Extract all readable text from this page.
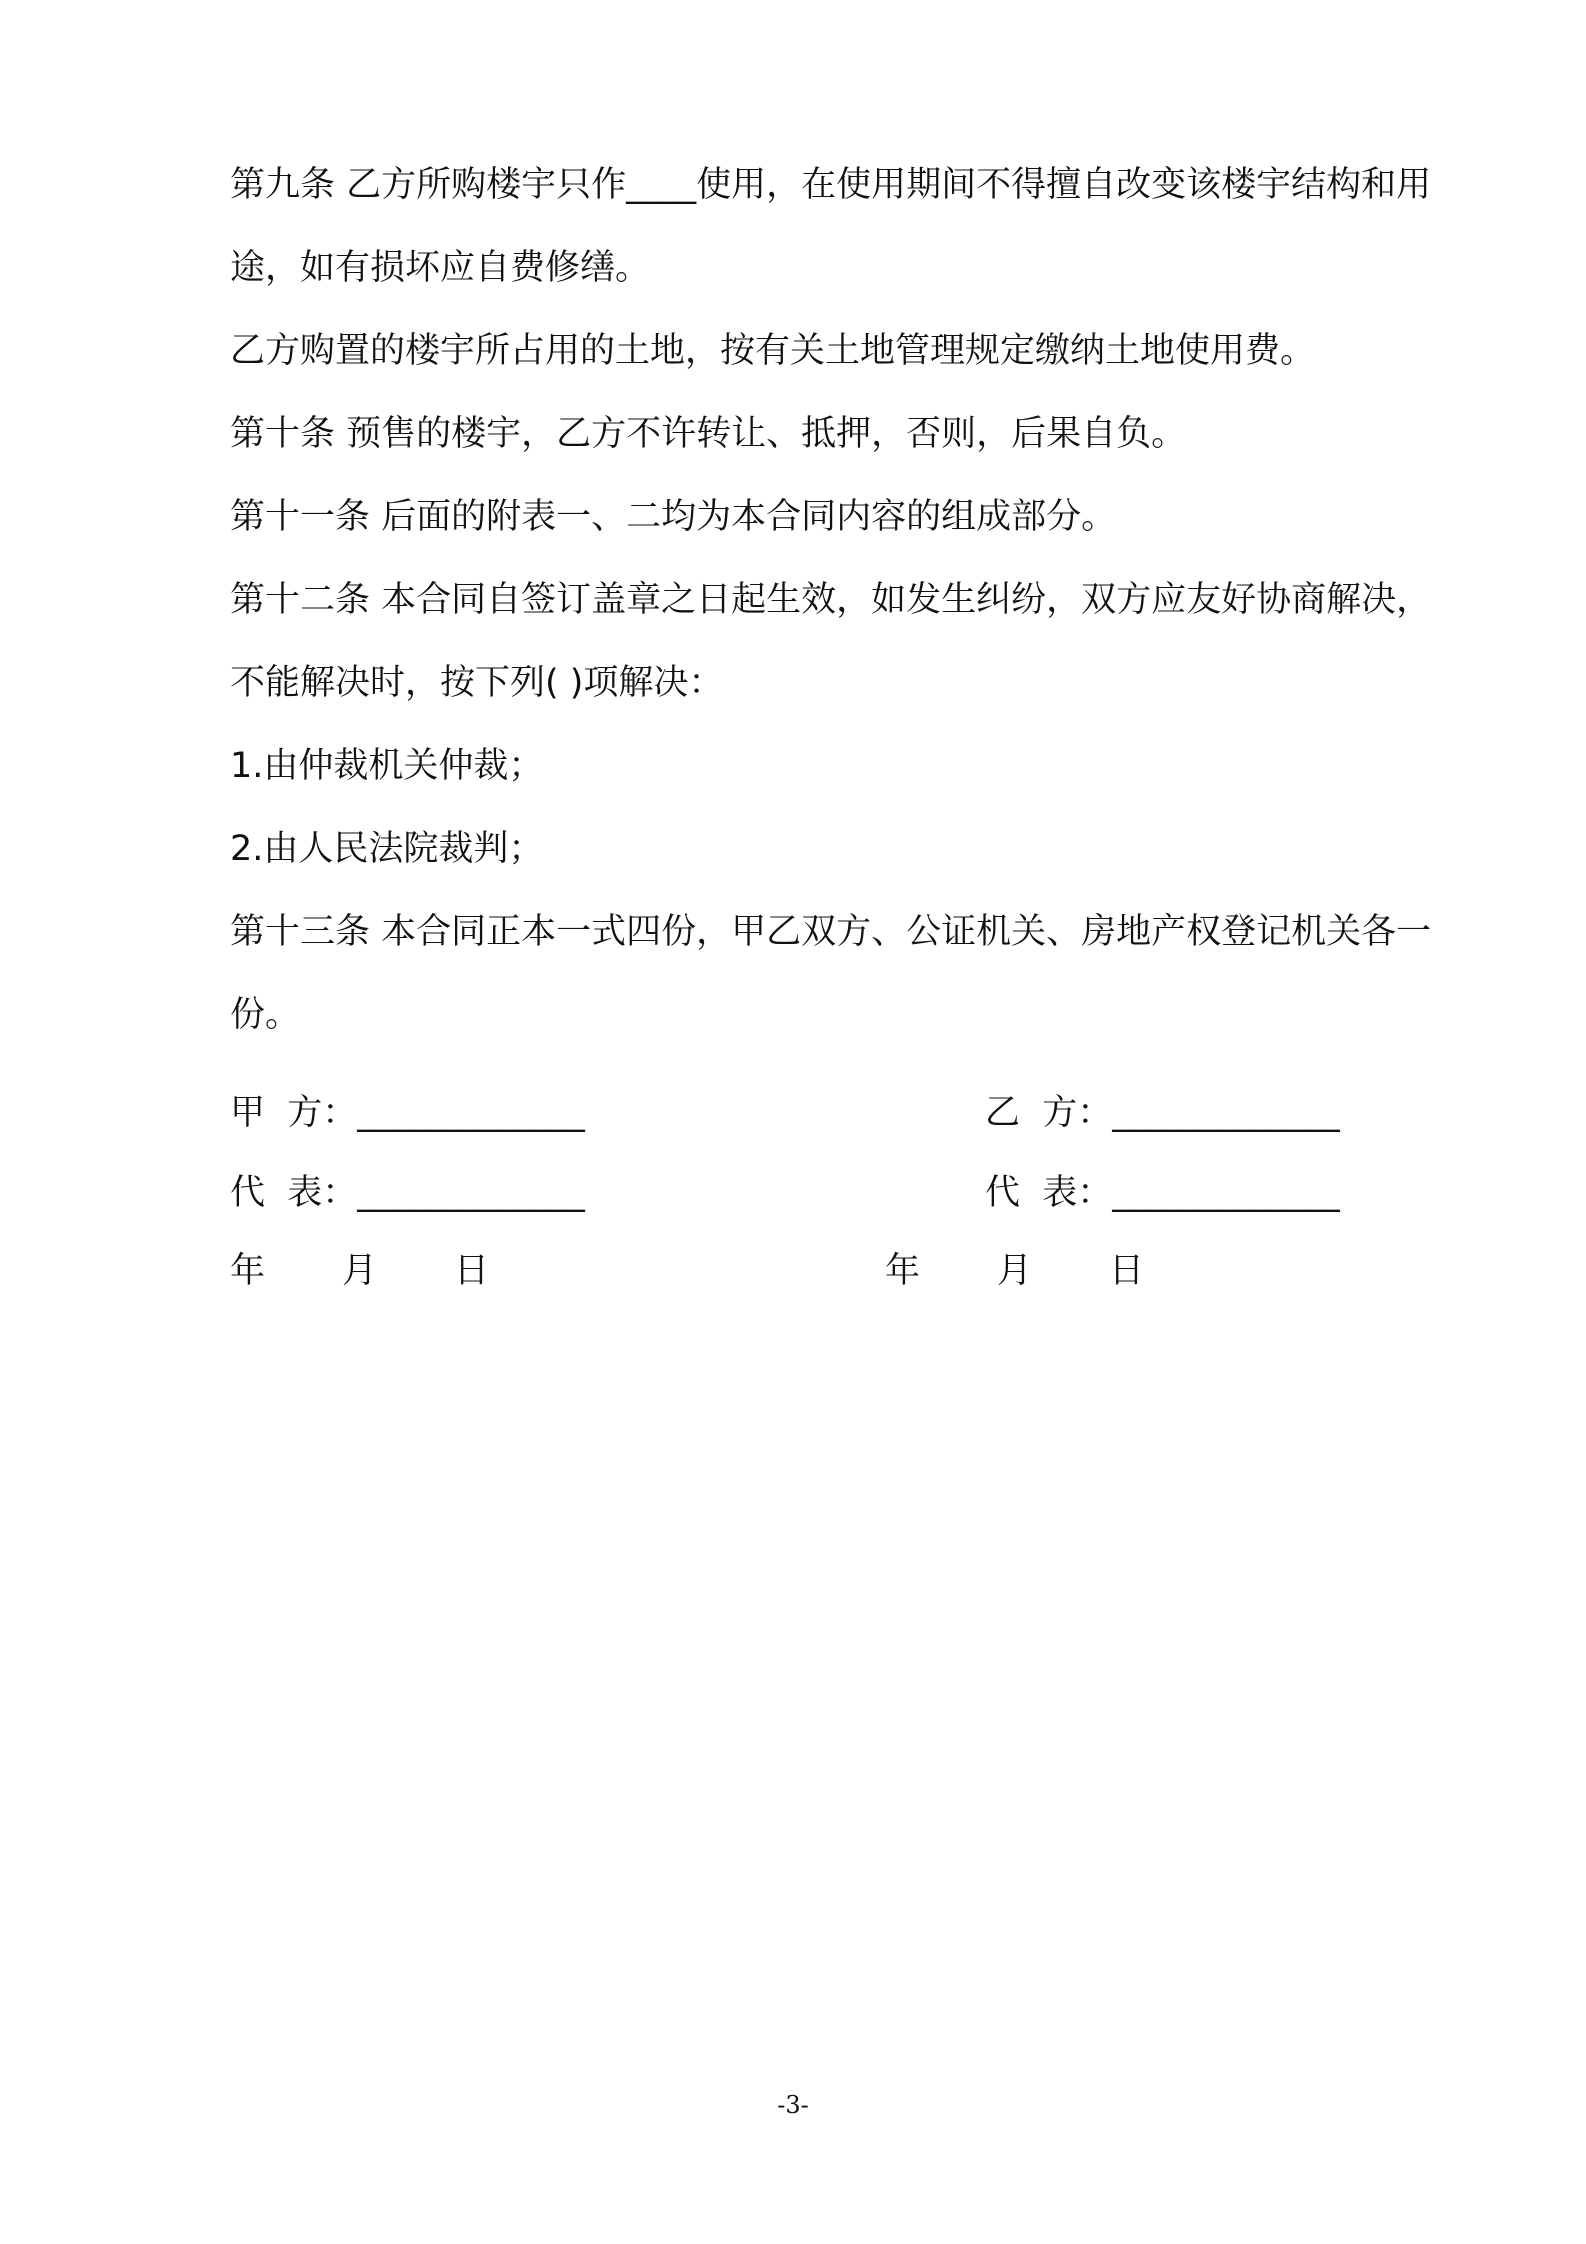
第九条 乙方所购楼宇只作____使用，在使用期间不得擅自改变该楼宇结构和用途，如有损坏应自费修缮。

乙方购置的楼宇所占用的土地，按有关土地管理规定缴纳土地使用费。

第十条 预售的楼宇，乙方不许转让、抵押，否则，后果自负。

第十一条 后面的附表一、二均为本合同内容的组成部分。

第十二条 本合同自签订盖章之日起生效，如发生纠纷，双方应友好协商解决，不能解决时，按下列( )项解决：

1.由仲裁机关仲裁；

2.由人民法院裁判；

第十三条 本合同正本一式四份，甲乙双方、公证机关、房地产权登记机关各一份。

甲  方：_____________	乙  方：_____________
代  表：_____________	代  表：_____________
年 月 日	年 月 日
-3-
